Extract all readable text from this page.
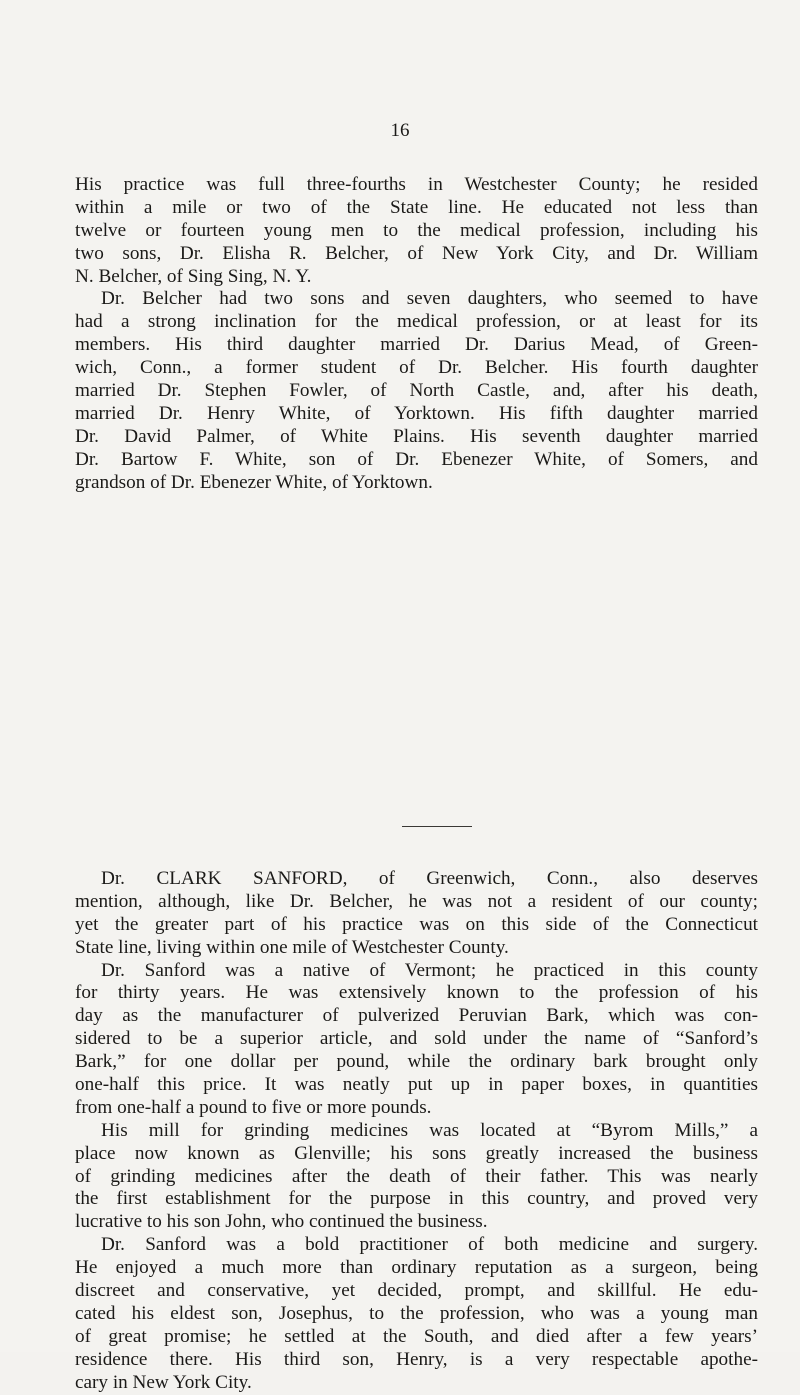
16
His practice was full three-fourths in Westchester County; he resided
within a mile or two of the State line. He educated not less than
twelve or fourteen young men to the medical profession, including his
two sons, Dr. Elisha R. Belcher, of New York City, and Dr. William
N. Belcher, of Sing Sing, N. Y.
Dr. Belcher had two sons and seven daughters, who seemed to have
had a strong inclination for the medical profession, or at least for its
members. His third daughter married Dr. Darius Mead, of Green-
wich, Conn., a former student of Dr. Belcher. His fourth daughter
married Dr. Stephen Fowler, of North Castle, and, after his death,
married Dr. Henry White, of Yorktown. His fifth daughter married
Dr. David Palmer, of White Plains. His seventh daughter married
Dr. Bartow F. White, son of Dr. Ebenezer White, of Somers, and
grandson of Dr. Ebenezer White, of Yorktown.
Dr. CLARK SANFORD, of Greenwich, Conn., also deserves
mention, although, like Dr. Belcher, he was not a resident of our county;
yet the greater part of his practice was on this side of the Connecticut
State line, living within one mile of Westchester County.
Dr. Sanford was a native of Vermont; he practiced in this county
for thirty years. He was extensively known to the profession of his
day as the manufacturer of pulverized Peruvian Bark, which was con-
sidered to be a superior article, and sold under the name of “Sanford’s
Bark,” for one dollar per pound, while the ordinary bark brought only
one-half this price. It was neatly put up in paper boxes, in quantities
from one-half a pound to five or more pounds.
His mill for grinding medicines was located at “Byrom Mills,” a
place now known as Glenville; his sons greatly increased the business
of grinding medicines after the death of their father. This was nearly
the first establishment for the purpose in this country, and proved very
lucrative to his son John, who continued the business.
Dr. Sanford was a bold practitioner of both medicine and surgery.
He enjoyed a much more than ordinary reputation as a surgeon, being
discreet and conservative, yet decided, prompt, and skillful. He edu-
cated his eldest son, Josephus, to the profession, who was a young man
of great promise; he settled at the South, and died after a few years’
residence there. His third son, Henry, is a very respectable apothe-
cary in New York City.
